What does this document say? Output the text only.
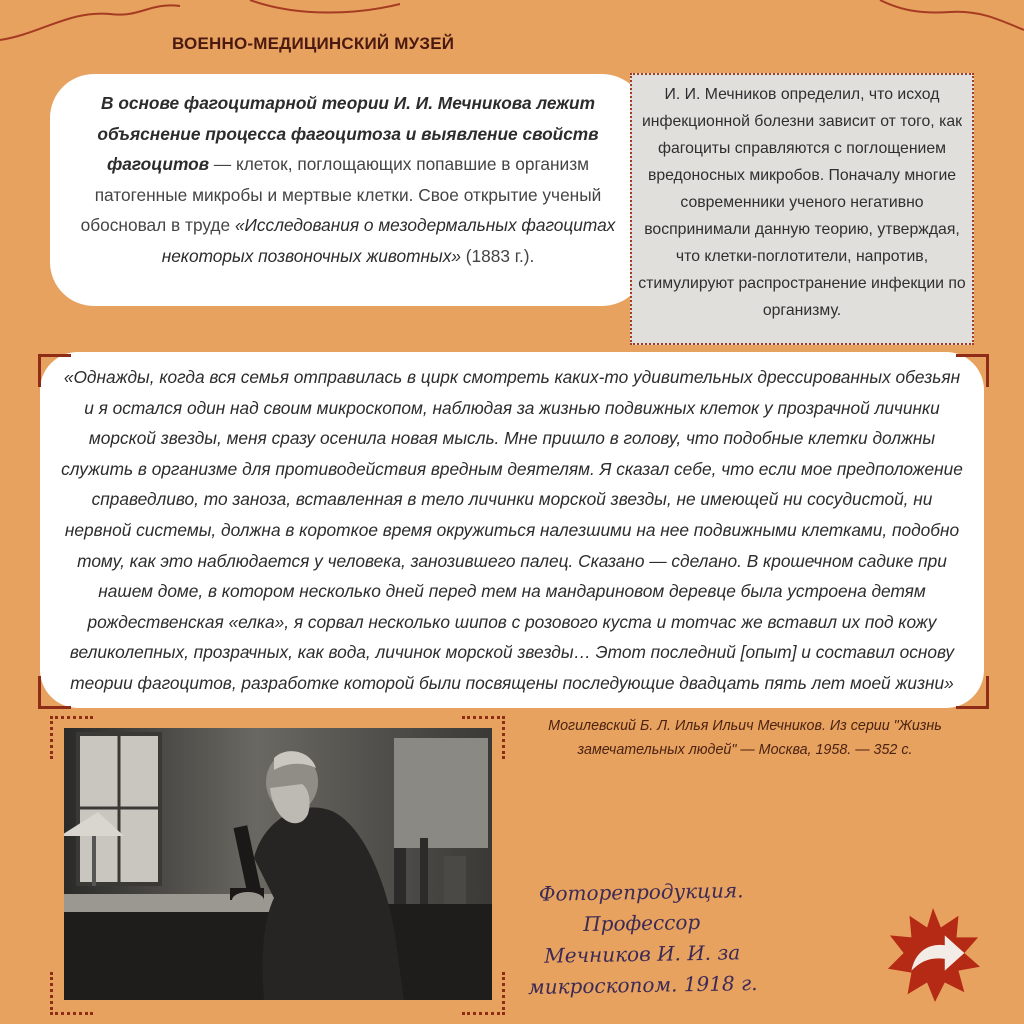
ВОЕННО-МЕДИЦИНСКИЙ МУЗЕЙ
В основе фагоцитарной теории И. И. Мечникова лежит объяснение процесса фагоцитоза и выявление свойств фагоцитов — клеток, поглощающих попавшие в организм патогенные микробы и мертвые клетки. Свое открытие ученый обосновал в труде «Исследования о мезодермальных фагоцитах некоторых позвоночных животных» (1883 г.).
И. И. Мечников определил, что исход инфекционной болезни зависит от того, как фагоциты справляются с поглощением вредоносных микробов. Поначалу многие современники ученого негативно воспринимали данную теорию, утверждая, что клетки-поглотители, напротив, стимулируют распространение инфекции по организму.
«Однажды, когда вся семья отправилась в цирк смотреть каких-то удивительных дрессированных обезьян и я остался один над своим микроскопом, наблюдая за жизнью подвижных клеток у прозрачной личинки морской звезды, меня сразу осенила новая мысль. Мне пришло в голову, что подобные клетки должны служить в организме для противодействия вредным деятелям. Я сказал себе, что если мое предположение справедливо, то заноза, вставленная в тело личинки морской звезды, не имеющей ни сосудистой, ни нервной системы, должна в короткое время окружиться налезшими на нее подвижными клетками, подобно тому, как это наблюдается у человека, занозившего палец. Сказано — сделано. В крошечном садике при нашем доме, в котором несколько дней перед тем на мандариновом деревце была устроена детям рождественская «елка», я сорвал несколько шипов с розового куста и тотчас же вставил их под кожу великолепных, прозрачных, как вода, личинок морской звезды… Этот последний [опыт] и составил основу теории фагоцитов, разработке которой были посвящены последующие двадцать пять лет моей жизни»
Могилевский Б. Л. Илья Ильич Мечников. Из серии "Жизнь замечательных людей" — Москва, 1958. — 352 с.
Фоторепродукция.
Профессор
Мечников И. И. за
микроскопом. 1918 г.
